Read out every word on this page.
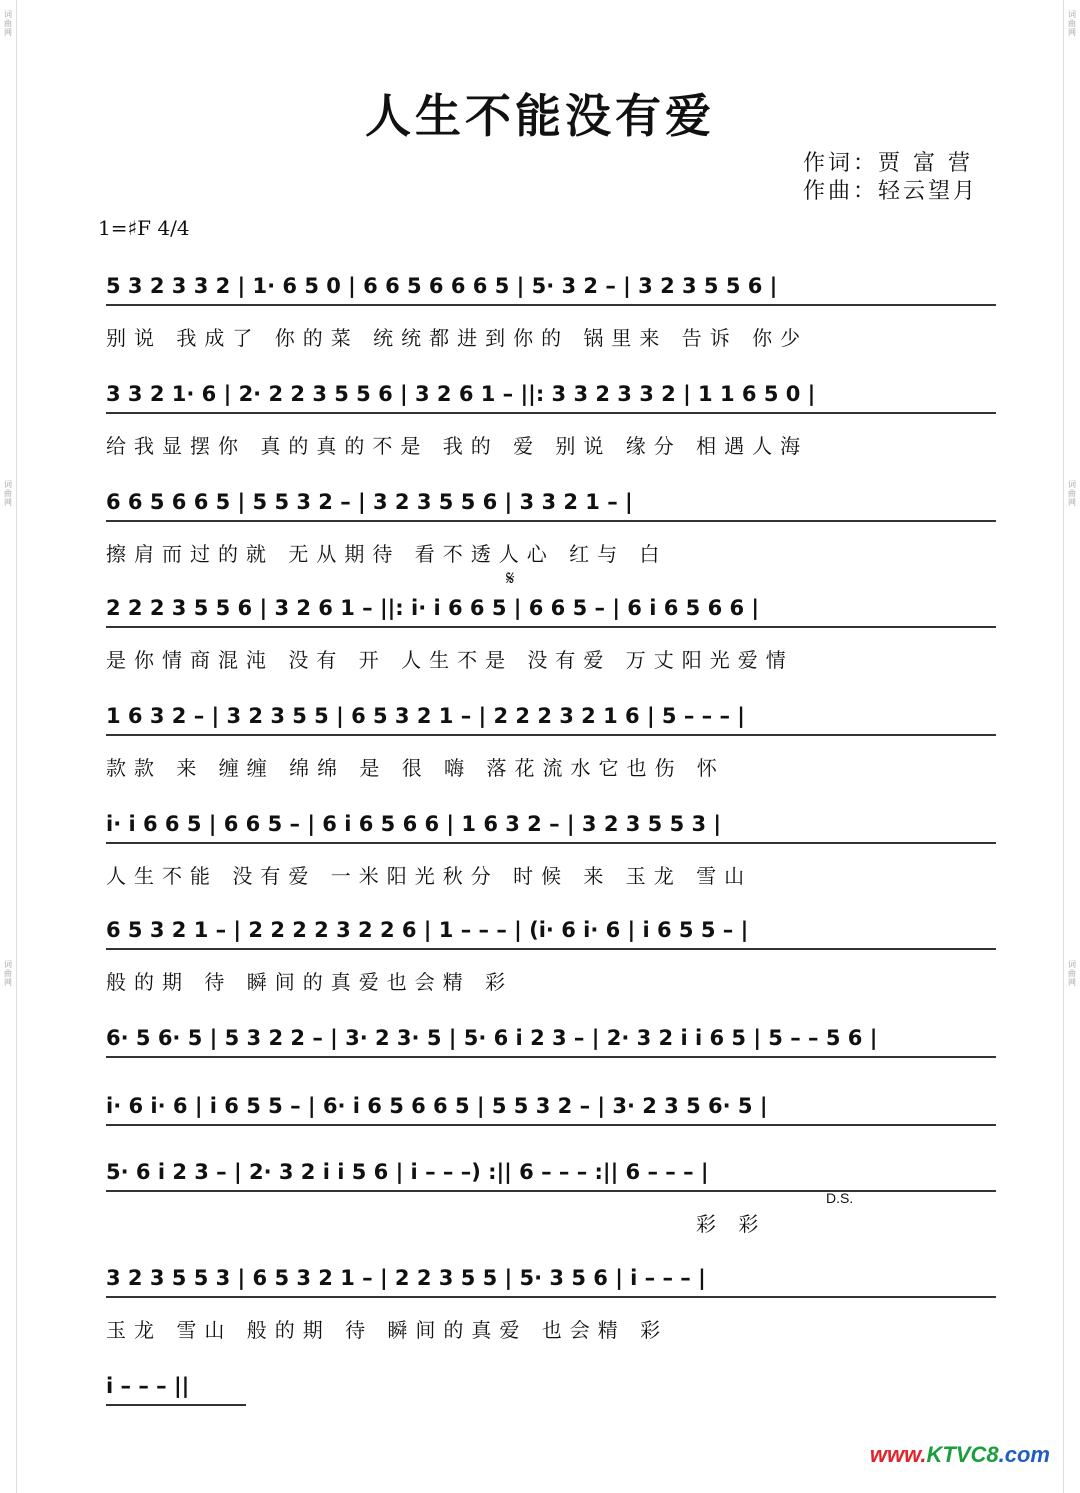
词曲网
词曲网
词曲网
词曲网
词曲网
词曲网
人生不能没有爱
作词：贾 富 营
作曲：轻云望月
1=♯F 4/4
5 3 2 3 3 2 | 1· 6 5 0 | 6 6 5 6 6 6 5 | 5· 3 2 – | 3 2 3 5 5 6 |
别说 我成了 你的菜 统统都进到你的 锅里来 告诉 你少
3 3 2 1· 6 | 2· 2 2 3 5 5 6 | 3 2 6 1 – ||: 3 3 2 3 3 2 | 1 1 6 5 0 |
给我显摆你 真的真的不是 我的 爱 别说 缘分 相遇人海
6 6 5 6 6 5 | 5 5 3 2 – | 3 2 3 5 5 6 | 3 3 2 1 – |
擦肩而过的就 无从期待 看不透人心 红与 白
𝄋
2 2 2 3 5 5 6 | 3 2 6 1 – ||: i· i 6 6 5 | 6 6 5 – | 6 i 6 5 6 6 |
是你情商混沌 没有 开 人生不是 没有爱 万丈阳光爱情
1 6 3 2 – | 3 2 3 5 5 | 6 5 3 2 1 – | 2 2 2 3 2 1 6 | 5 – – – |
款款 来 缠缠 绵绵 是 很 嗨 落花流水它也伤 怀
i· i 6 6 5 | 6 6 5 – | 6 i 6 5 6 6 | 1 6 3 2 – | 3 2 3 5 5 3 |
人生不能 没有爱 一米阳光秋分 时候 来 玉龙 雪山
6 5 3 2 1 – | 2 2 2 2 3 2 2 6 | 1 – – – | (i· 6 i· 6 | i 6 5 5 – |
般的期 待 瞬间的真爱也会精 彩
6· 5 6· 5 | 5 3 2 2 – | 3· 2 3· 5 | 5· 6 i 2 3 – | 2· 3 2 i i 6 5 | 5 – – 5 6 |
i· 6 i· 6 | i 6 5 5 – | 6· i 6 5 6 6 5 | 5 5 3 2 – | 3· 2 3 5 6· 5 |
5· 6 i 2 3 – | 2· 3 2 i i 5 6 | i – – –) :|| 6 – – – :|| 6 – – – |
彩 彩
D.S.
3 2 3 5 5 3 | 6 5 3 2 1 – | 2 2 3 5 5 | 5· 3 5 6 | i – – – |
玉龙 雪山 般的期 待 瞬间的真爱 也会精 彩
i – – – ||
www.KTVC8.com
